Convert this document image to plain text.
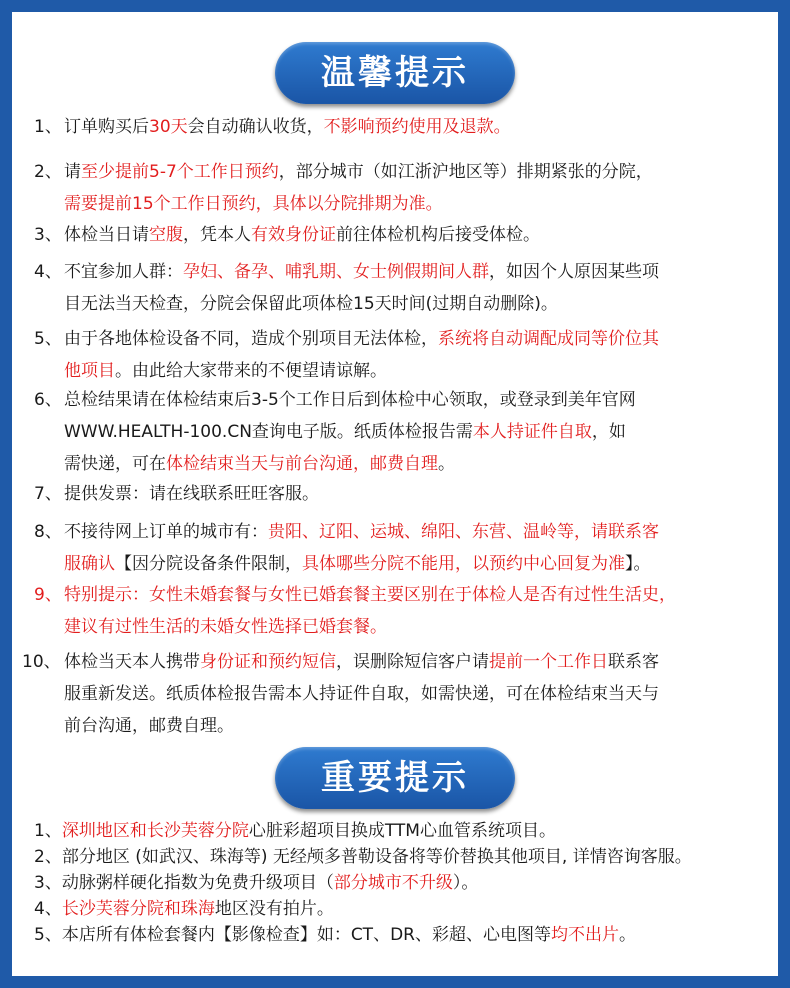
温馨提示
1、 订单购买后30天会自动确认收货，不影响预约使用及退款。
2、 请至少提前5-7个工作日预约，部分城市（如江浙沪地区等）排期紧张的分院，
需要提前15个工作日预约，具体以分院排期为准。
3、 体检当日请空腹，凭本人有效身份证前往体检机构后接受体检。
4、 不宜参加人群：孕妇、备孕、哺乳期、女士例假期间人群，如因个人原因某些项
目无法当天检查，分院会保留此项体检15天时间(过期自动删除)。
5、 由于各地体检设备不同，造成个别项目无法体检，系统将自动调配成同等价位其
他项目。由此给大家带来的不便望请谅解。
6、 总检结果请在体检结束后3-5个工作日后到体检中心领取，或登录到美年官网
WWW.HEALTH-100.CN查询电子版。纸质体检报告需本人持证件自取，如
需快递，可在体检结束当天与前台沟通，邮费自理。
7、 提供发票：请在线联系旺旺客服。
8、 不接待网上订单的城市有：贵阳、辽阳、运城、绵阳、东营、温岭等，请联系客
服确认【因分院设备条件限制，具体哪些分院不能用，以预约中心回复为准】。
9、 特别提示：女性未婚套餐与女性已婚套餐主要区别在于体检人是否有过性生活史，
建议有过性生活的未婚女性选择已婚套餐。
10、 体检当天本人携带身份证和预约短信，误删除短信客户请提前一个工作日联系客
服重新发送。纸质体检报告需本人持证件自取，如需快递，可在体检结束当天与
前台沟通，邮费自理。
重要提示
1、深圳地区和长沙芙蓉分院心脏彩超项目换成TTM心血管系统项目。
2、部分地区 (如武汉、珠海等) 无经颅多普勒设备将等价替换其他项目, 详情咨询客服。
3、动脉粥样硬化指数为免费升级项目（部分城市不升级）。
4、长沙芙蓉分院和珠海地区没有拍片。
5、本店所有体检套餐内【影像检查】如：CT、DR、彩超、心电图等均不出片。
